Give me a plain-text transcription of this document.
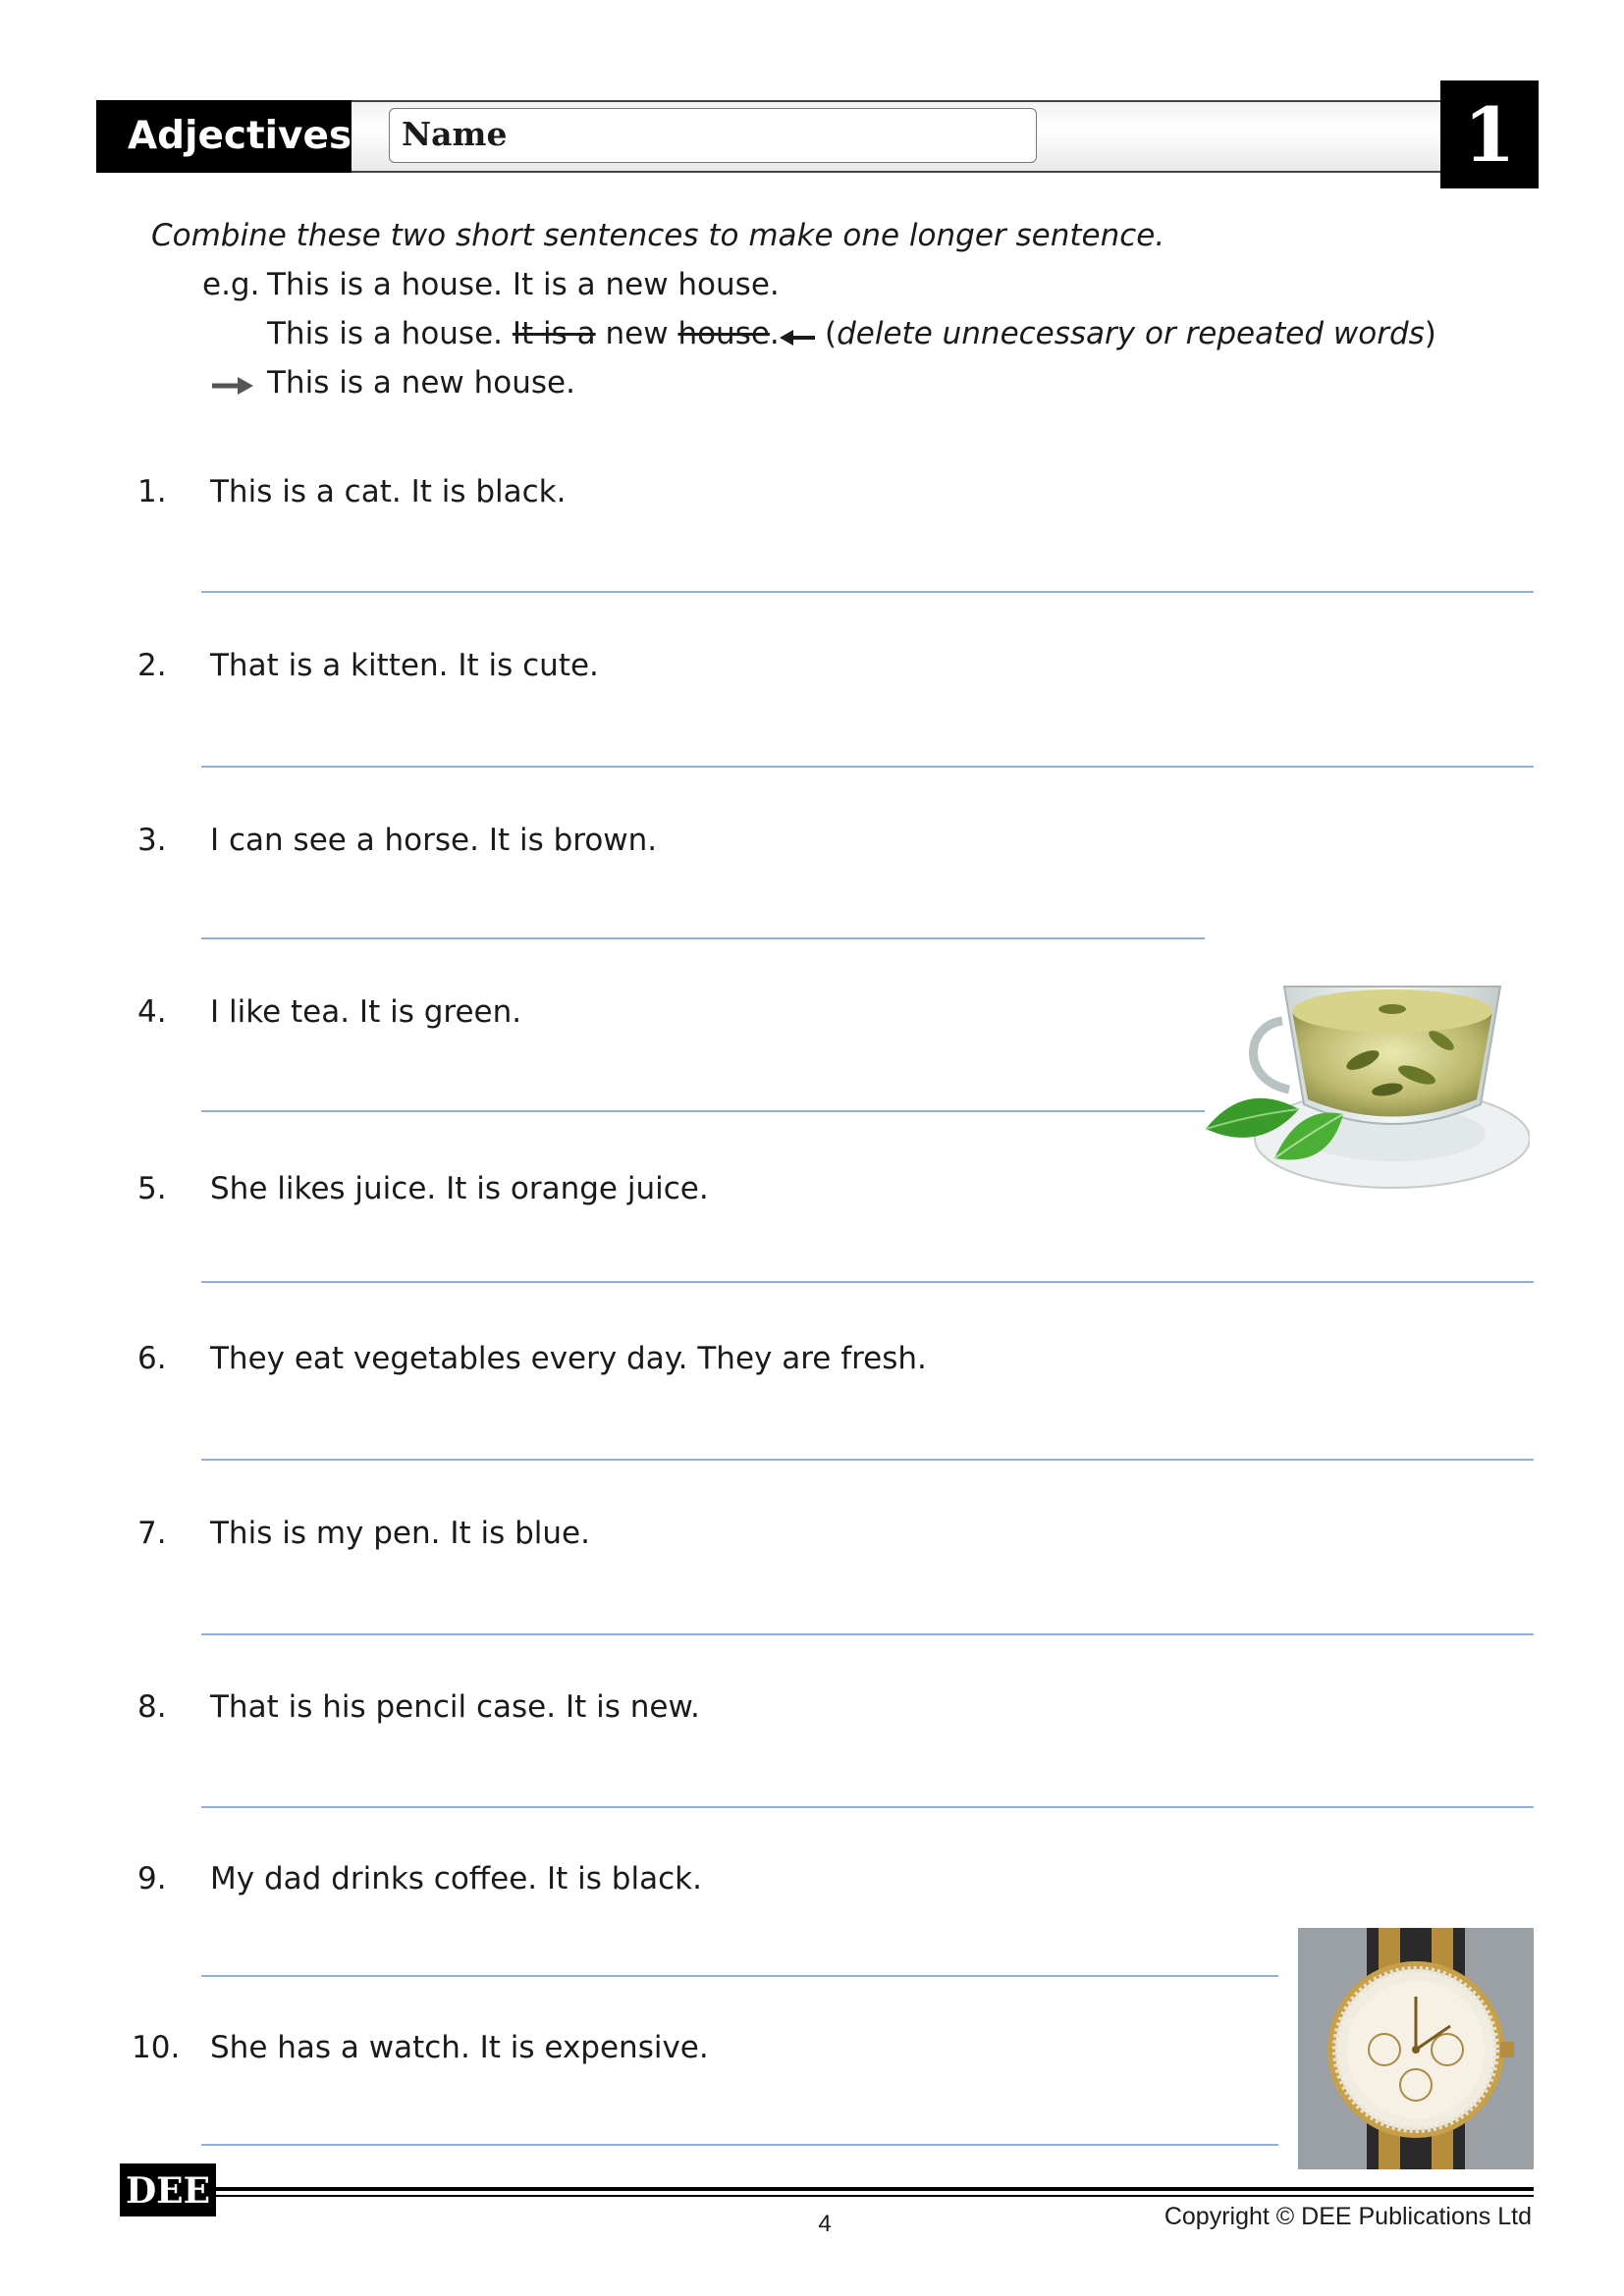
Adjectives	Name	1
Combine these two short sentences to make one longer sentence.
e.g. This is a house. It is a new house.
This is a house. It is a new house. (delete unnecessary or repeated words)
This is a new house.
1.	This is a cat. It is black.
2.	That is a kitten. It is cute.
3.	I can see a horse. It is brown.
4.	I like tea. It is green.
5.	She likes juice. It is orange juice.
6.	They eat vegetables every day. They are fresh.
7.	This is my pen. It is blue.
8.	That is his pencil case. It is new.
9.	My dad drinks coffee. It is black.
10. She has a watch. It is expensive.
DEE
4	Copyright © DEE Publications Ltd
